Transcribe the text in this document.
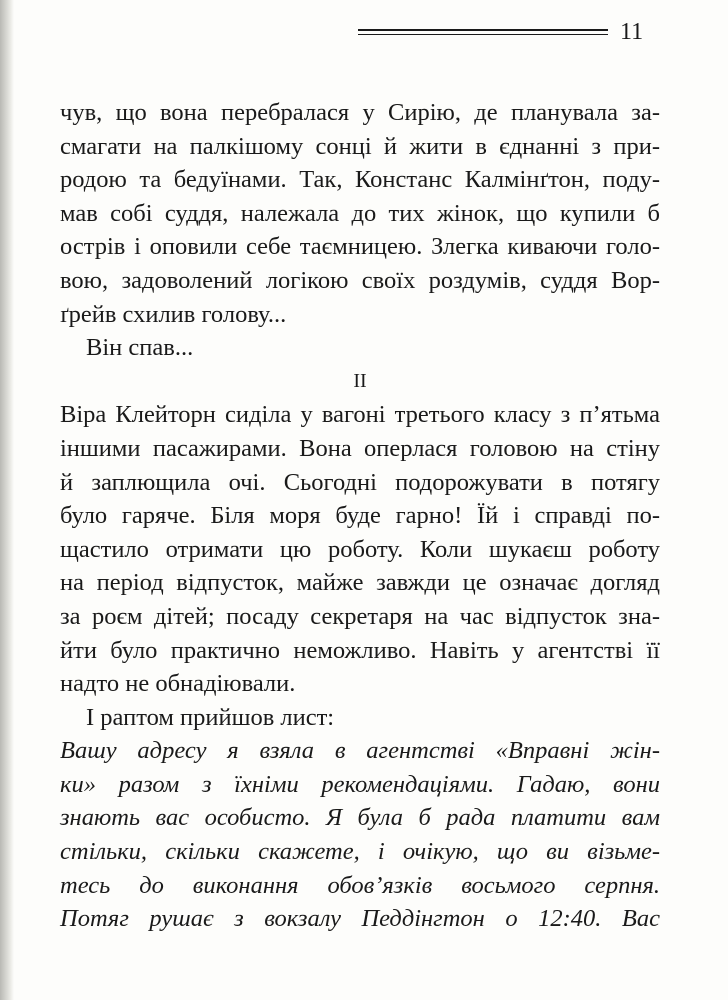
11
чув, що вона перебралася у Сирію, де планувала за-
смагати на палкішому сонці й жити в єднанні з при-
родою та бедуїнами. Так, Констанс Калмінґтон, поду-
мав собі суддя, належала до тих жінок, що купили б
острів і оповили себе таємницею. Злегка киваючи голо-
вою, задоволений логікою своїх роздумів, суддя Вор-
ґрейв схилив голову...
Він спав...
II
Віра Клейторн сиділа у вагоні третього класу з п’ятьма
іншими пасажирами. Вона оперлася головою на стіну
й заплющила очі. Сьогодні подорожувати в потягу
було гаряче. Біля моря буде гарно! Їй і справді по-
щастило отримати цю роботу. Коли шукаєш роботу
на період відпусток, майже завжди це означає догляд
за роєм дітей; посаду секретаря на час відпусток зна-
йти було практично неможливо. Навіть у агентстві її
надто не обнадіювали.
І раптом прийшов лист:
Вашу адресу я взяла в агентстві «Вправні жін-
ки» разом з їхніми рекомендаціями. Гадаю, вони
знають вас особисто. Я була б рада платити вам
стільки, скільки скажете, і очікую, що ви візьме-
тесь до виконання обов’язків восьмого серпня.
Потяг рушає з вокзалу Педдінгтон о 12:40. Вас
